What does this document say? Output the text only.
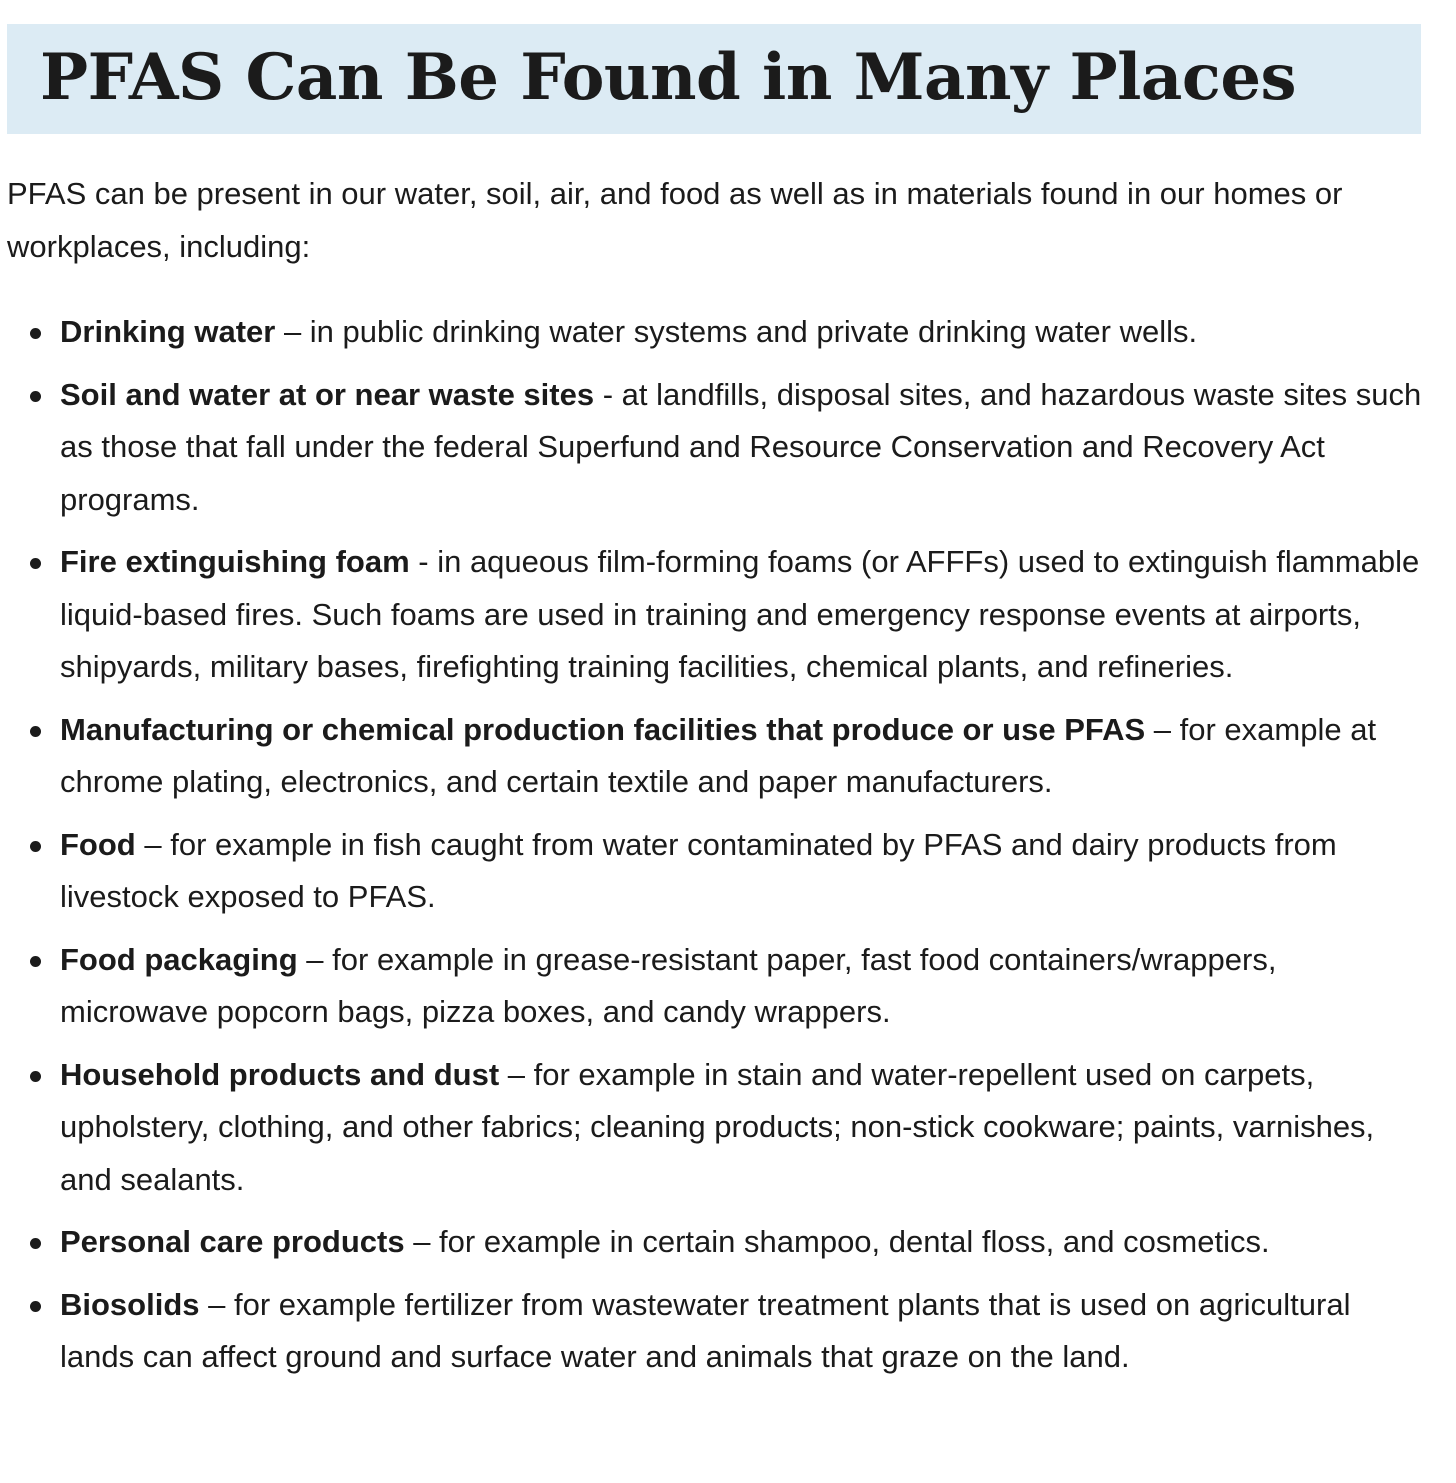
PFAS Can Be Found in Many Places

PFAS can be present in our water, soil, air, and food as well as in materials found in our homes or workplaces, including:

Drinking water – in public drinking water systems and private drinking water wells.
Soil and water at or near waste sites - at landfills, disposal sites, and hazardous waste sites such as those that fall under the federal Superfund and Resource Conservation and Recovery Act programs.
Fire extinguishing foam - in aqueous film-forming foams (or AFFFs) used to extinguish flammable liquid-based fires. Such foams are used in training and emergency response events at airports, shipyards, military bases, firefighting training facilities, chemical plants, and refineries.
Manufacturing or chemical production facilities that produce or use PFAS – for example at chrome plating, electronics, and certain textile and paper manufacturers.
Food – for example in fish caught from water contaminated by PFAS and dairy products from livestock exposed to PFAS.
Food packaging – for example in grease-resistant paper, fast food containers/wrappers, microwave popcorn bags, pizza boxes, and candy wrappers.
Household products and dust – for example in stain and water-repellent used on carpets, upholstery, clothing, and other fabrics; cleaning products; non-stick cookware; paints, varnishes, and sealants.
Personal care products – for example in certain shampoo, dental floss, and cosmetics.
Biosolids – for example fertilizer from wastewater treatment plants that is used on agricultural lands can affect ground and surface water and animals that graze on the land.
